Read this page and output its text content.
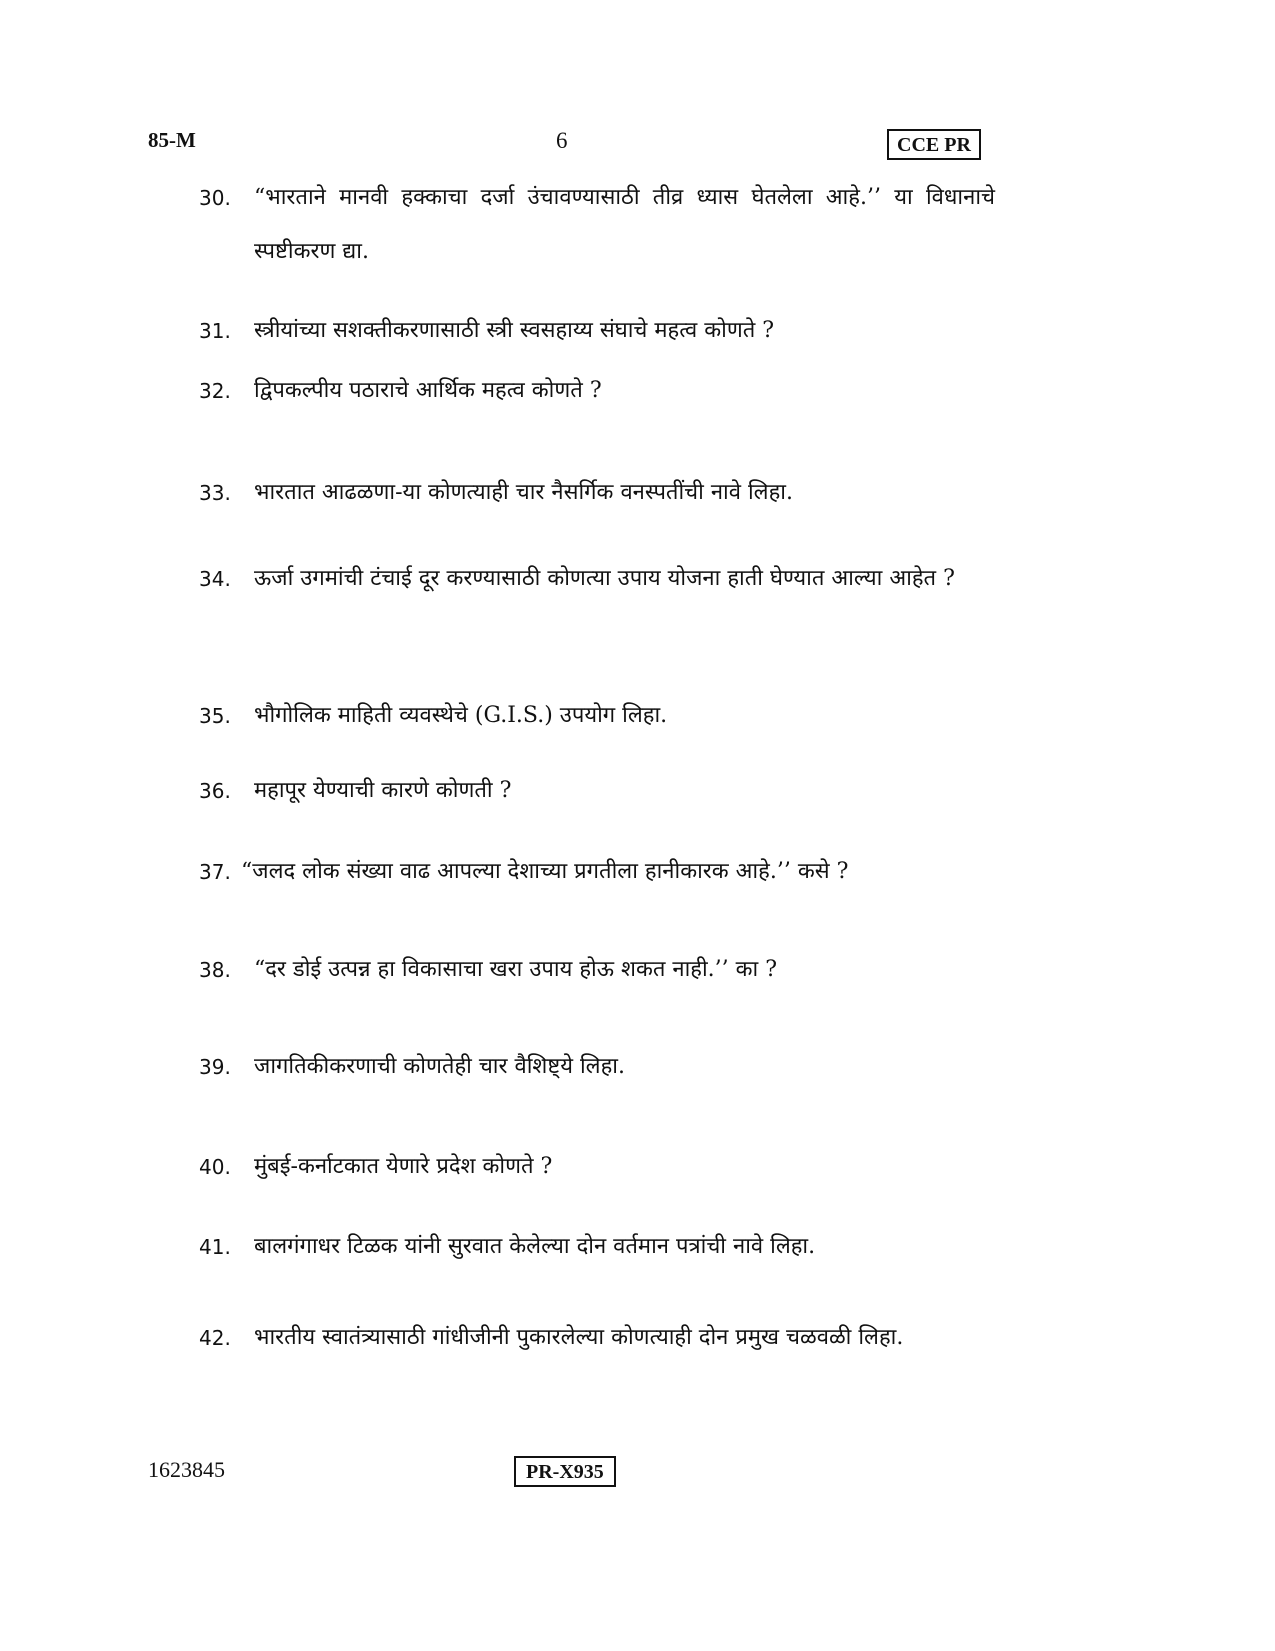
85-M	6	CCE PR
30. “भारताने मानवी हक्काचा दर्जा उंचावण्यासाठी तीव्र ध्यास घेतलेला आहे.’’ या विधानाचे स्पष्टीकरण द्या.
31. स्त्रीयांच्या सशक्तीकरणासाठी स्त्री स्वसहाय्य संघाचे महत्व कोणते ?
32. द्विपकल्पीय पठाराचे आर्थिक महत्व कोणते ?
33. भारतात आढळणा-या कोणत्याही चार नैसर्गिक वनस्पतींची नावे लिहा.
34. ऊर्जा उगमांची टंचाई दूर करण्यासाठी कोणत्या उपाय योजना हाती घेण्यात आल्या आहेत ?
35. भौगोलिक माहिती व्यवस्थेचे (G.I.S.) उपयोग लिहा.
36. महापूर येण्याची कारणे कोणती ?
37. “जलद लोक संख्या वाढ आपल्या देशाच्या प्रगतीला हानीकारक आहे.’’ कसे ?
38. “दर डोई उत्पन्न हा विकासाचा खरा उपाय होऊ शकत नाही.’’ का ?
39. जागतिकीकरणाची कोणतेही चार वैशिष्ट्ये लिहा.
40. मुंबई-कर्नाटकात येणारे प्रदेश कोणते ?
41. बालगंगाधर टिळक यांनी सुरवात केलेल्या दोन वर्तमान पत्रांची नावे लिहा.
42. भारतीय स्वातंत्र्यासाठी गांधीजीनी पुकारलेल्या कोणत्याही दोन प्रमुख चळवळी लिहा.
1623845	PR-X935
